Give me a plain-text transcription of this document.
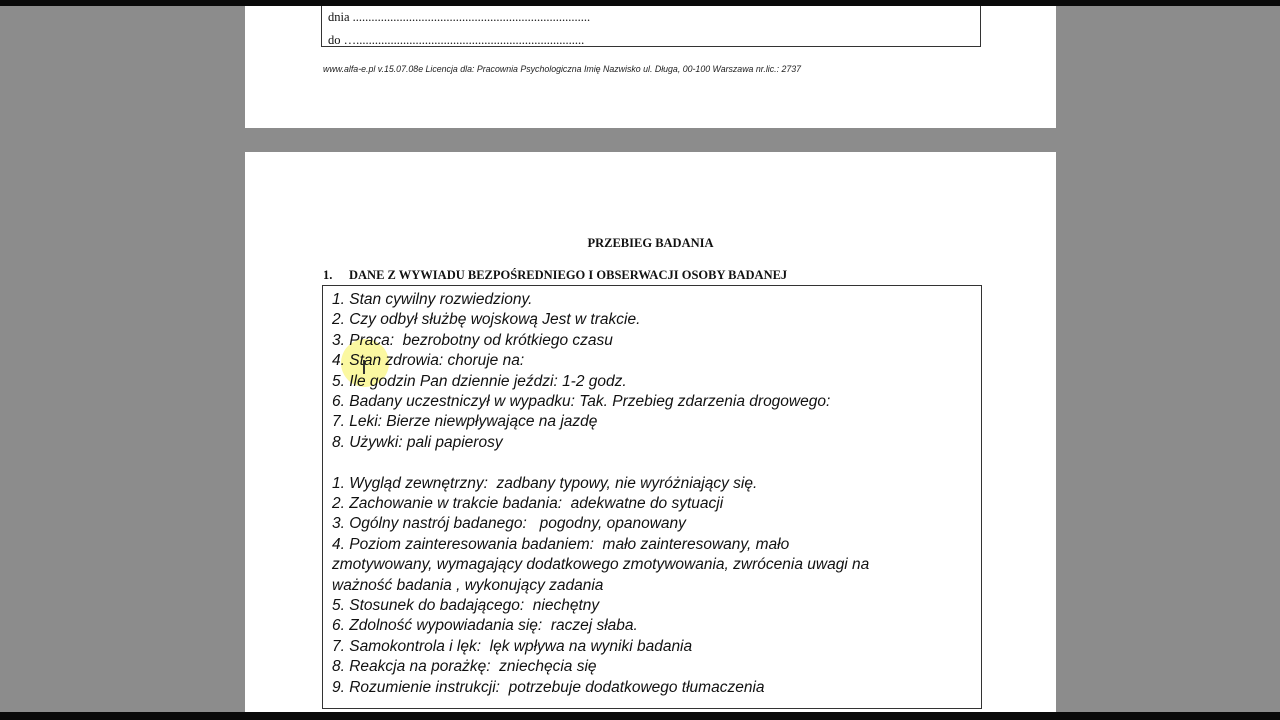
dnia ............................................................................
do ….........................................................................
www.alfa-e.pl v.15.07.08e Licencja dla: Pracownia Psychologiczna Imię Nazwisko ul. Długa, 00-100 Warszawa nr.lic.: 2737
PRZEBIEG BADANIA
1. DANE Z WYWIADU BEZPOŚREDNIEGO I OBSERWACJI OSOBY BADANEJ
1. Stan cywilny rozwiedziony.
2. Czy odbył służbę wojskową Jest w trakcie.
3. Praca:  bezrobotny od krótkiego czasu
4. Stan zdrowia: choruje na:
5. Ile godzin Pan dziennie jeździ: 1-2 godz.
6. Badany uczestniczył w wypadku: Tak. Przebieg zdarzenia drogowego:
7. Leki: Bierze niewpływające na jazdę
8. Używki: pali papierosy
1. Wygląd zewnętrzny:  zadbany typowy, nie wyróżniający się.
2. Zachowanie w trakcie badania:  adekwatne do sytuacji
3. Ogólny nastrój badanego:   pogodny, opanowany
4. Poziom zainteresowania badaniem:  mało zainteresowany, mało
zmotywowany, wymagający dodatkowego zmotywowania, zwrócenia uwagi na
ważność badania , wykonujący zadania
5. Stosunek do badającego:  niechętny
6. Zdolność wypowiadania się:  raczej słaba.
7. Samokontrola i lęk:  lęk wpływa na wyniki badania
8. Reakcja na porażkę:  zniechęcia się
9. Rozumienie instrukcji:  potrzebuje dodatkowego tłumaczenia
